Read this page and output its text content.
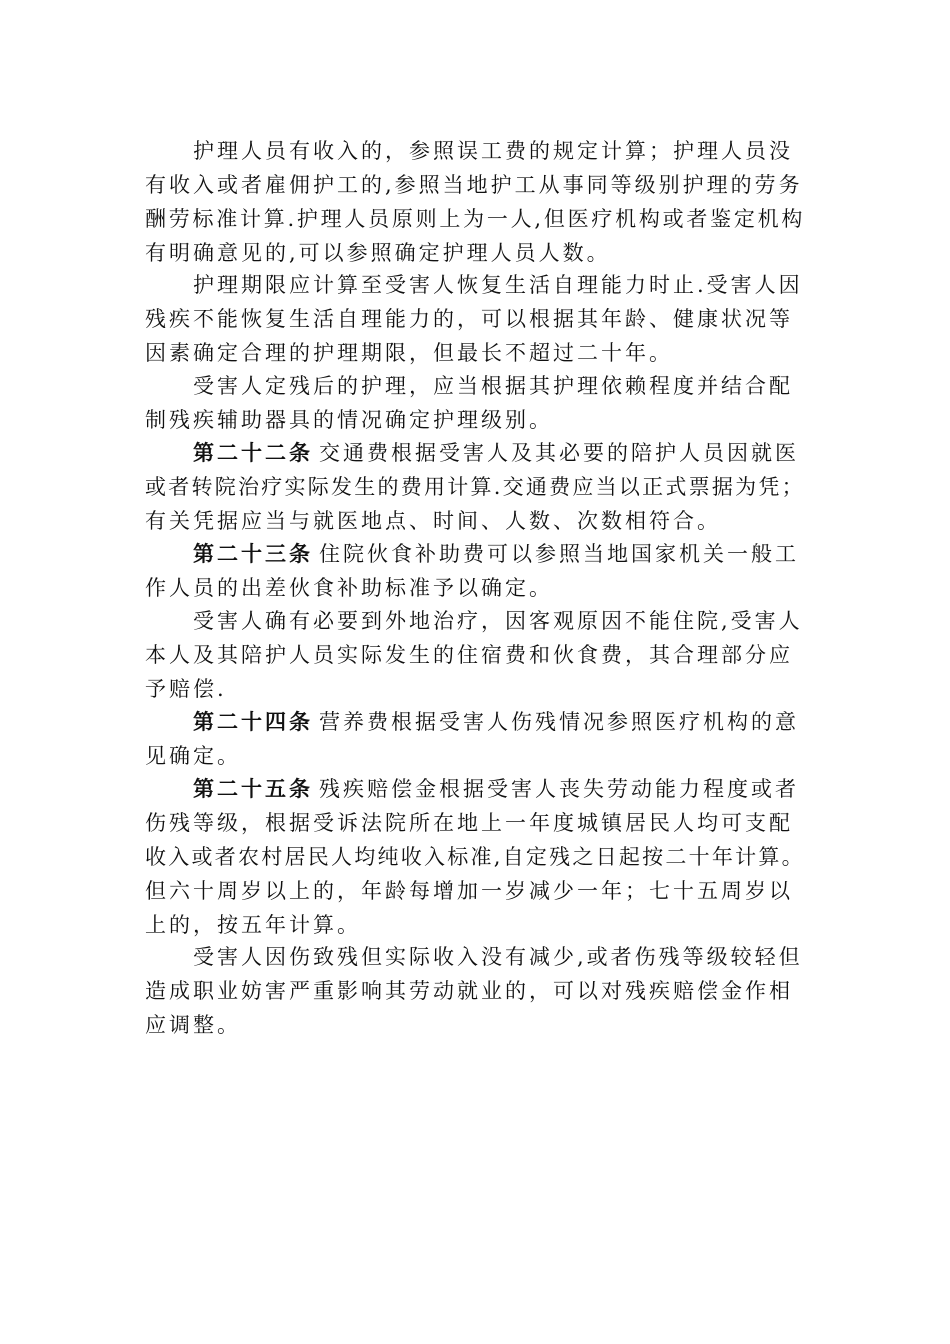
护理人员有收入的，参照误工费的规定计算；护理人员没
有收入或者雇佣护工的,参照当地护工从事同等级别护理的劳务
酬劳标准计算.护理人员原则上为一人,但医疗机构或者鉴定机构
有明确意见的,可以参照确定护理人员人数。

护理期限应计算至受害人恢复生活自理能力时止.受害人因
残疾不能恢复生活自理能力的，可以根据其年龄、健康状况等
因素确定合理的护理期限，但最长不超过二十年。

受害人定残后的护理，应当根据其护理依赖程度并结合配
制残疾辅助器具的情况确定护理级别。

第二十二条 交通费根据受害人及其必要的陪护人员因就医
或者转院治疗实际发生的费用计算.交通费应当以正式票据为凭；
有关凭据应当与就医地点、时间、人数、次数相符合。

第二十三条 住院伙食补助费可以参照当地国家机关一般工
作人员的出差伙食补助标准予以确定。

受害人确有必要到外地治疗，因客观原因不能住院,受害人
本人及其陪护人员实际发生的住宿费和伙食费，其合理部分应
予赔偿.

第二十四条 营养费根据受害人伤残情况参照医疗机构的意
见确定。

第二十五条 残疾赔偿金根据受害人丧失劳动能力程度或者
伤残等级，根据受诉法院所在地上一年度城镇居民人均可支配
收入或者农村居民人均纯收入标准,自定残之日起按二十年计算。
但六十周岁以上的，年龄每增加一岁减少一年；七十五周岁以
上的，按五年计算。

受害人因伤致残但实际收入没有减少,或者伤残等级较轻但
造成职业妨害严重影响其劳动就业的，可以对残疾赔偿金作相
应调整。
